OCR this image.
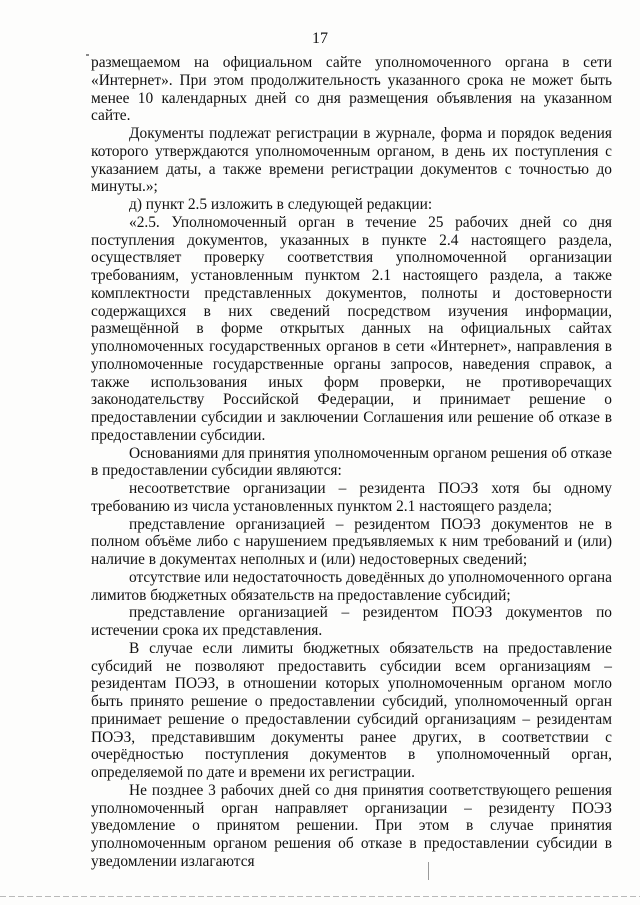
17

размещаемом на официальном сайте уполномоченного органа в сети «Интернет». При этом продолжительность указанного срока не может быть менее 10 календарных дней со дня размещения объявления на указанном сайте.

Документы подлежат регистрации в журнале, форма и порядок ведения которого утверждаются уполномоченным органом, в день их поступления с указанием даты, а также времени регистрации документов с точностью до минуты.»;

д) пункт 2.5 изложить в следующей редакции:

«2.5. Уполномоченный орган в течение 25 рабочих дней со дня поступления документов, указанных в пункте 2.4 настоящего раздела, осуществляет проверку соответствия уполномоченной организации требованиям, установленным пунктом 2.1 настоящего раздела, а также комплектности представленных документов, полноты и достоверности содержащихся в них сведений посредством изучения информации, размещённой в форме открытых данных на официальных сайтах уполномоченных государственных органов в сети «Интернет», направления в уполномоченные государственные органы запросов, наведения справок, а также использования иных форм проверки, не противоречащих законодательству Российской Федерации, и принимает решение о предоставлении субсидии и заключении Соглашения или решение об отказе в предоставлении субсидии.

Основаниями для принятия уполномоченным органом решения об отказе в предоставлении субсидии являются:

несоответствие организации – резидента ПОЭЗ хотя бы одному требованию из числа установленных пунктом 2.1 настоящего раздела;

представление организацией – резидентом ПОЭЗ документов не в полном объёме либо с нарушением предъявляемых к ним требований и (или) наличие в документах неполных и (или) недостоверных сведений;

отсутствие или недостаточность доведённых до уполномоченного органа лимитов бюджетных обязательств на предоставление субсидий;

представление организацией – резидентом ПОЭЗ документов по истечении срока их представления.

В случае если лимиты бюджетных обязательств на предоставление субсидий не позволяют предоставить субсидии всем организациям – резидентам ПОЭЗ, в отношении которых уполномоченным органом могло быть принято решение о предоставлении субсидий, уполномоченный орган принимает решение о предоставлении субсидий организациям – резидентам ПОЭЗ, представившим документы ранее других, в соответствии с очерёдностью поступления документов в уполномоченный орган, определяемой по дате и времени их регистрации.

Не позднее 3 рабочих дней со дня принятия соответствующего решения уполномоченный орган направляет организации – резиденту ПОЭЗ уведомление о принятом решении. При этом в случае принятия уполномоченным органом решения об отказе в предоставлении субсидии в уведомлении излагаются
